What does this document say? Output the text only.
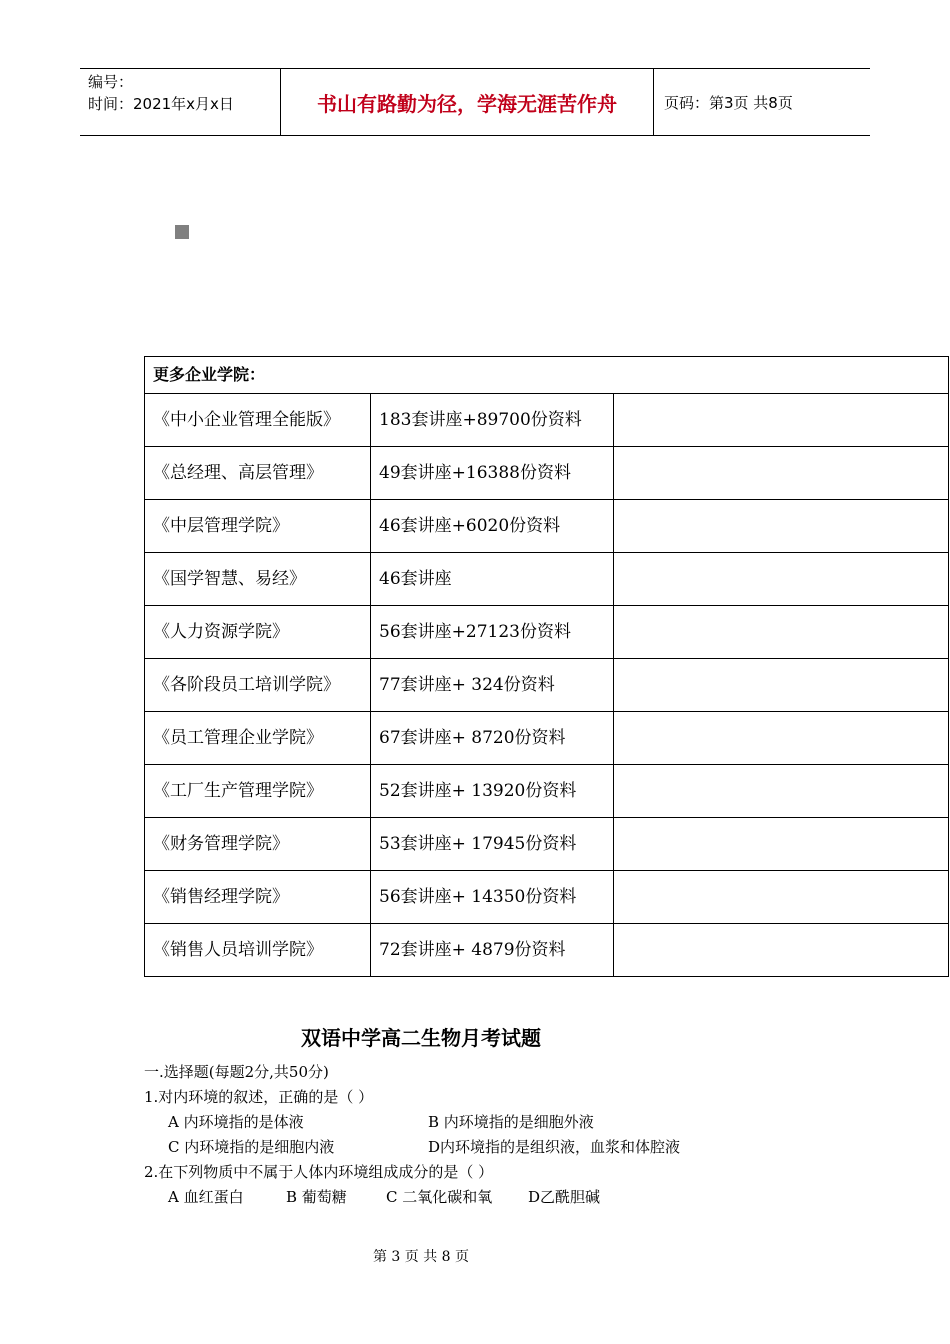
编号：
时间：2021年x月x日	书山有路勤为径，学海无涯苦作舟	页码：第3页 共8页
更多企业学院：		
《中小企业管理全能版》	183套讲座+89700份资料	
《总经理、高层管理》	49套讲座+16388份资料	
《中层管理学院》	46套讲座+6020份资料	
《国学智慧、易经》	46套讲座	
《人力资源学院》	56套讲座+27123份资料	
《各阶段员工培训学院》	77套讲座+ 324份资料	
《员工管理企业学院》	67套讲座+ 8720份资料	
《工厂生产管理学院》	52套讲座+ 13920份资料	
《财务管理学院》	53套讲座+ 17945份资料	
《销售经理学院》	56套讲座+ 14350份资料	
《销售人员培训学院》	72套讲座+ 4879份资料	
双语中学高二生物月考试题
一.选择题(每题2分,共50分)
1.对内环境的叙述，正确的是（ ）
A 内环境指的是体液	B 内环境指的是细胞外液
C 内环境指的是细胞内液	D内环境指的是组织液，血浆和体腔液
2.在下列物质中不属于人体内环境组成成分的是（ ）
A 血红蛋白	B 葡萄糖	C 二氧化碳和氧 D乙酰胆碱
第 3 页 共 8 页
